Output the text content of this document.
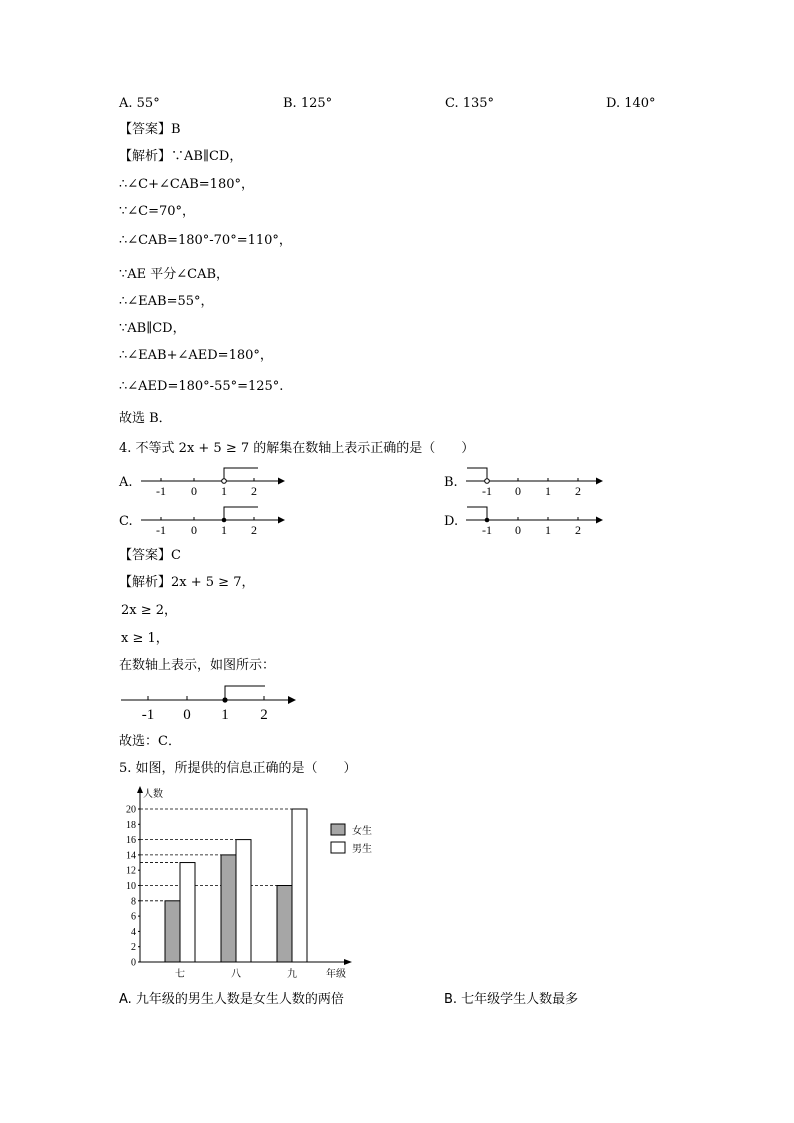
A. 55°	B. 125°	C. 135°	D. 140°
【答案】B
【解析】∵AB∥CD，
∴∠C+∠CAB=180°，
∵∠C=70°，
∴∠CAB=180°-70°=110°，
∵AE 平分∠CAB，
∴∠EAB=55°，
∵AB∥CD，
∴∠EAB+∠AED=180°，
∴∠AED=180°-55°=125°.
故选 B．
4. 不等式 2x + 5 ≥ 7 的解集在数轴上表示正确的是（　　）
A.	B.
C.	D.
-1 0 1 2	-1 0 1 2
-1 0 1 2	-1 0 1 2
【答案】C
【解析】2x + 5 ≥ 7，
2x ≥ 2，
x ≥ 1，
在数轴上表示，如图所示：
-1 0 1 2
故选：C．
5. 如图，所提供的信息正确的是（　　）
0
2
4
6
8
10
12
14
16
18
20
七	八	九
人数
年级
女生
男生
A. 九年级的男生人数是女生人数的两倍	B. 七年级学生人数最多
